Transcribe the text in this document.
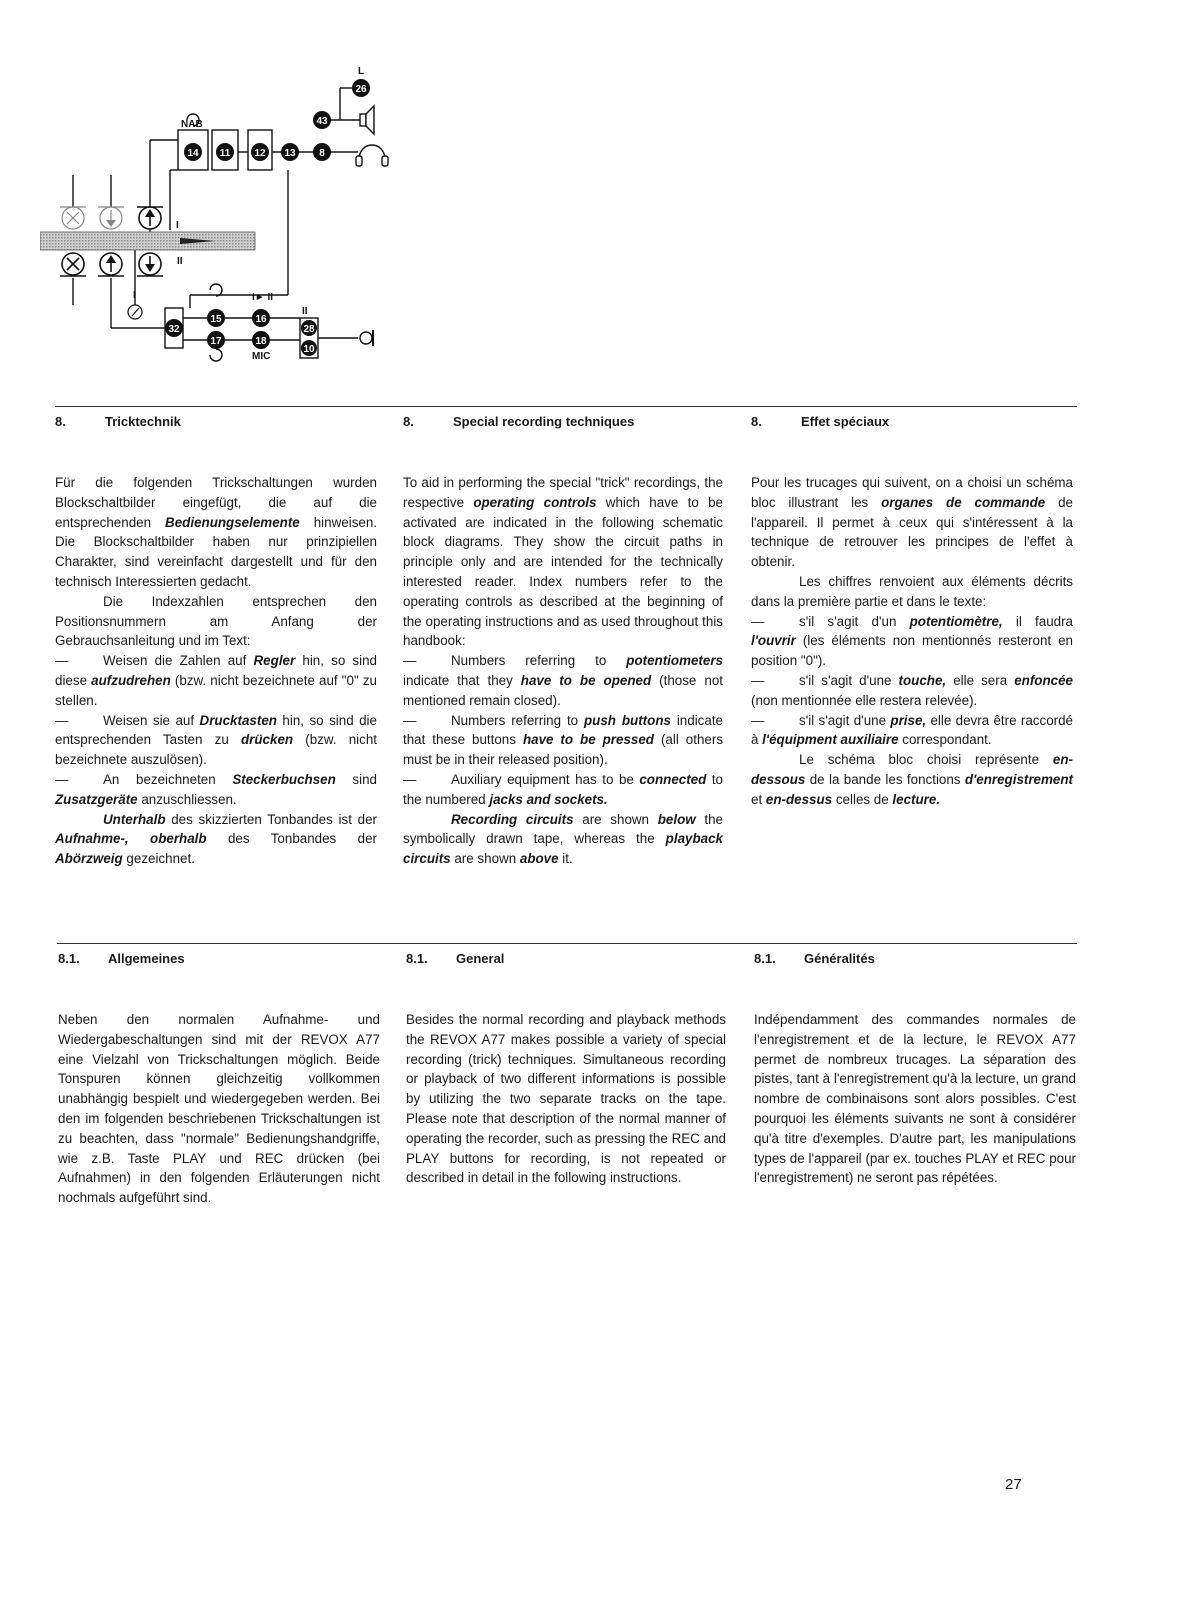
26
43
14 11 12 13 8
32
15	16
17	18
28
10
NAB
L
I
II
I	I► II
II
MIC
8.	Tricktechnik	8.	Special recording techniques	8.	Effet spéciaux

Für die folgenden Trickschaltungen wurden Blockschaltbilder eingefügt, die auf die entsprechenden Bedienungselemente hinweisen. Die Blockschaltbilder haben nur prinzipiellen Charakter, sind vereinfacht dargestellt und für den technisch Interessierten gedacht.

Die Indexzahlen entsprechen den Positionsnummern am Anfang der Gebrauchsanleitung und im Text:

—	Weisen die Zahlen auf Regler hin, so sind diese aufzudrehen (bzw. nicht bezeichnete auf "0" zu stellen.

—	Weisen sie auf Drucktasten hin, so sind die entsprechenden Tasten zu drücken (bzw. nicht bezeichnete auszulösen).

—	An bezeichneten Steckerbuchsen sind Zusatzgeräte anzuschliessen.

Unterhalb des skizzierten Tonbandes ist der Aufnahme-, oberhalb des Tonbandes der Abörzweig gezeichnet.

To aid in performing the special "trick" recordings, the respective operating controls which have to be activated are indicated in the following schematic block diagrams. They show the circuit paths in principle only and are intended for the technically interested reader. Index numbers refer to the operating controls as described at the beginning of the operating instructions and as used throughout this handbook:

—	Numbers referring to potentiometers indicate that they have to be opened (those not mentioned remain closed).

—	Numbers referring to push buttons indicate that these buttons have to be pressed (all others must be in their released position).

—	Auxiliary equipment has to be connected to the numbered jacks and sockets.

Recording circuits are shown below the symbolically drawn tape, whereas the playback circuits are shown above it.

Pour les trucages qui suivent, on a choisi un schéma bloc illustrant les organes de commande de l'appareil. Il permet à ceux qui s'intéressent à la technique de retrouver les principes de l'effet à obtenir.

Les chiffres renvoient aux éléments décrits dans la première partie et dans le texte:

—	s'il s'agit d'un potentiomètre, il faudra l'ouvrir (les éléments non mentionnés resteront en position "0").

—	s'il s'agit d'une touche, elle sera enfoncée (non mentionnée elle restera relevée).

—	s'il s'agit d'une prise, elle devra être raccordé à l'équipment auxiliaire correspondant.

Le schéma bloc choisi représente en-dessous de la bande les fonctions d'enregistrement et en-dessus celles de lecture.

8.1. Allgemeines	8.1. General	8.1. Généralités

Neben den normalen Aufnahme- und Wiedergabeschaltungen sind mit der REVOX A77 eine Vielzahl von Trickschaltungen möglich. Beide Tonspuren können gleichzeitig vollkommen unabhängig bespielt und wiedergegeben werden. Bei den im folgenden beschriebenen Trickschaltungen ist zu beachten, dass "normale" Bedienungshandgriffe, wie z.B. Taste PLAY und REC drücken (bei Aufnahmen) in den folgenden Erläuterungen nicht nochmals aufgeführt sind.

Besides the normal recording and playback methods the REVOX A77 makes possible a variety of special recording (trick) techniques. Simultaneous recording or playback of two different informations is possible by utilizing the two separate tracks on the tape. Please note that description of the normal manner of operating the recorder, such as pressing the REC and PLAY buttons for recording, is not repeated or described in detail in the following instructions.

Indépendamment des commandes normales de l'enregistrement et de la lecture, le REVOX A77 permet de nombreux trucages. La séparation des pistes, tant à l'enregistrement qu'à la lecture, un grand nombre de combinaisons sont alors possibles. C'est pourquoi les éléments suivants ne sont à considérer qu'à titre d'exemples. D'autre part, les manipulations types de l'appareil (par ex. touches PLAY et REC pour l'enregistrement) ne seront pas répétées.

27
